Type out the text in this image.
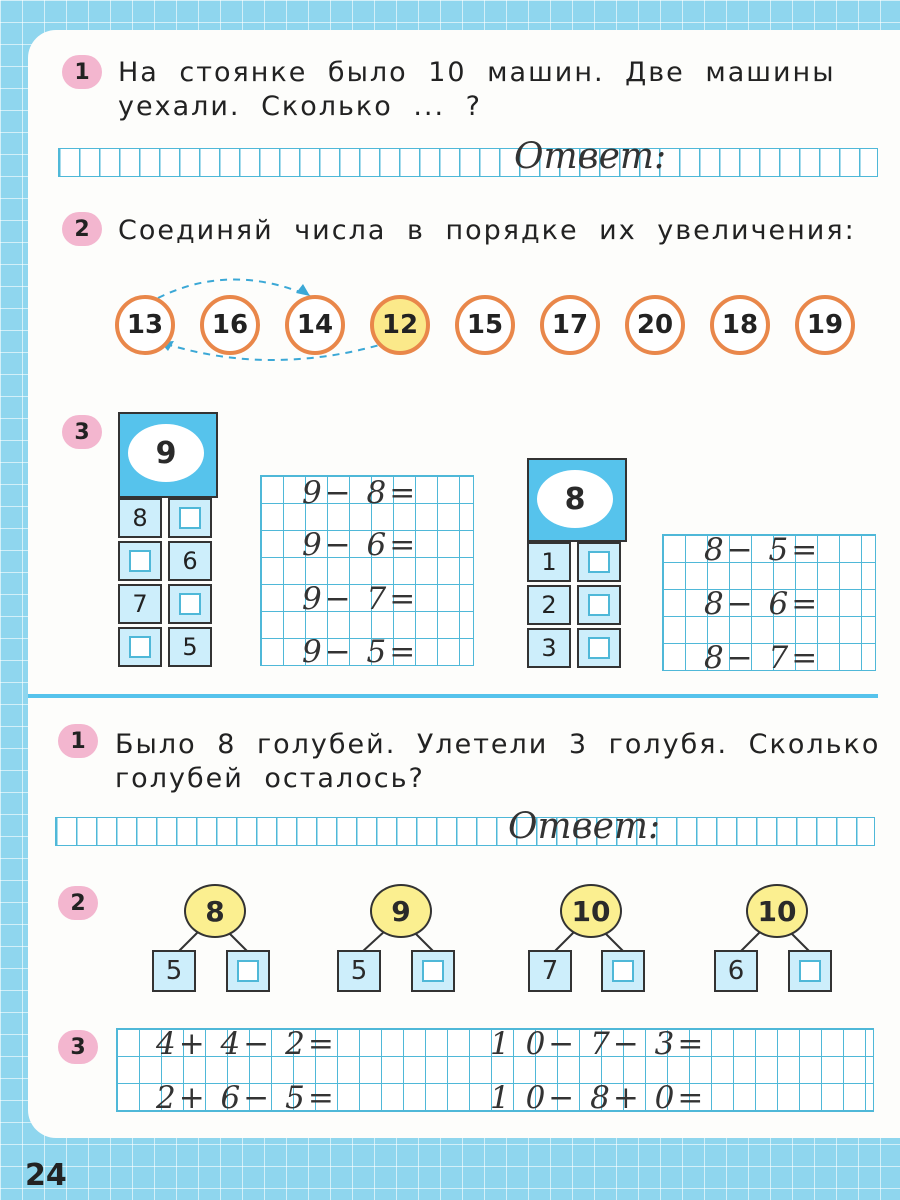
1	На стоянке было 10 машин. Две машины
уехали. Сколько ... ?
Ответ:
2	Соединяй числа в порядке их увеличения:
13	16	14	12	15	17	20	18	19
3
9
8
6
7
5
9− 8=
9− 6=
9− 7=
9− 5=
8
1
2
3
8− 5=
8− 6=
8− 7=
1	Было 8 голубей. Улетели 3 голубя. Сколько
голубей осталось?
Ответ:
2	8
5
9
5
10
7
10
6
3	4+ 4− 2=
2+ 6− 5=
1 0− 7− 3=
1 0− 8+ 0=
24
